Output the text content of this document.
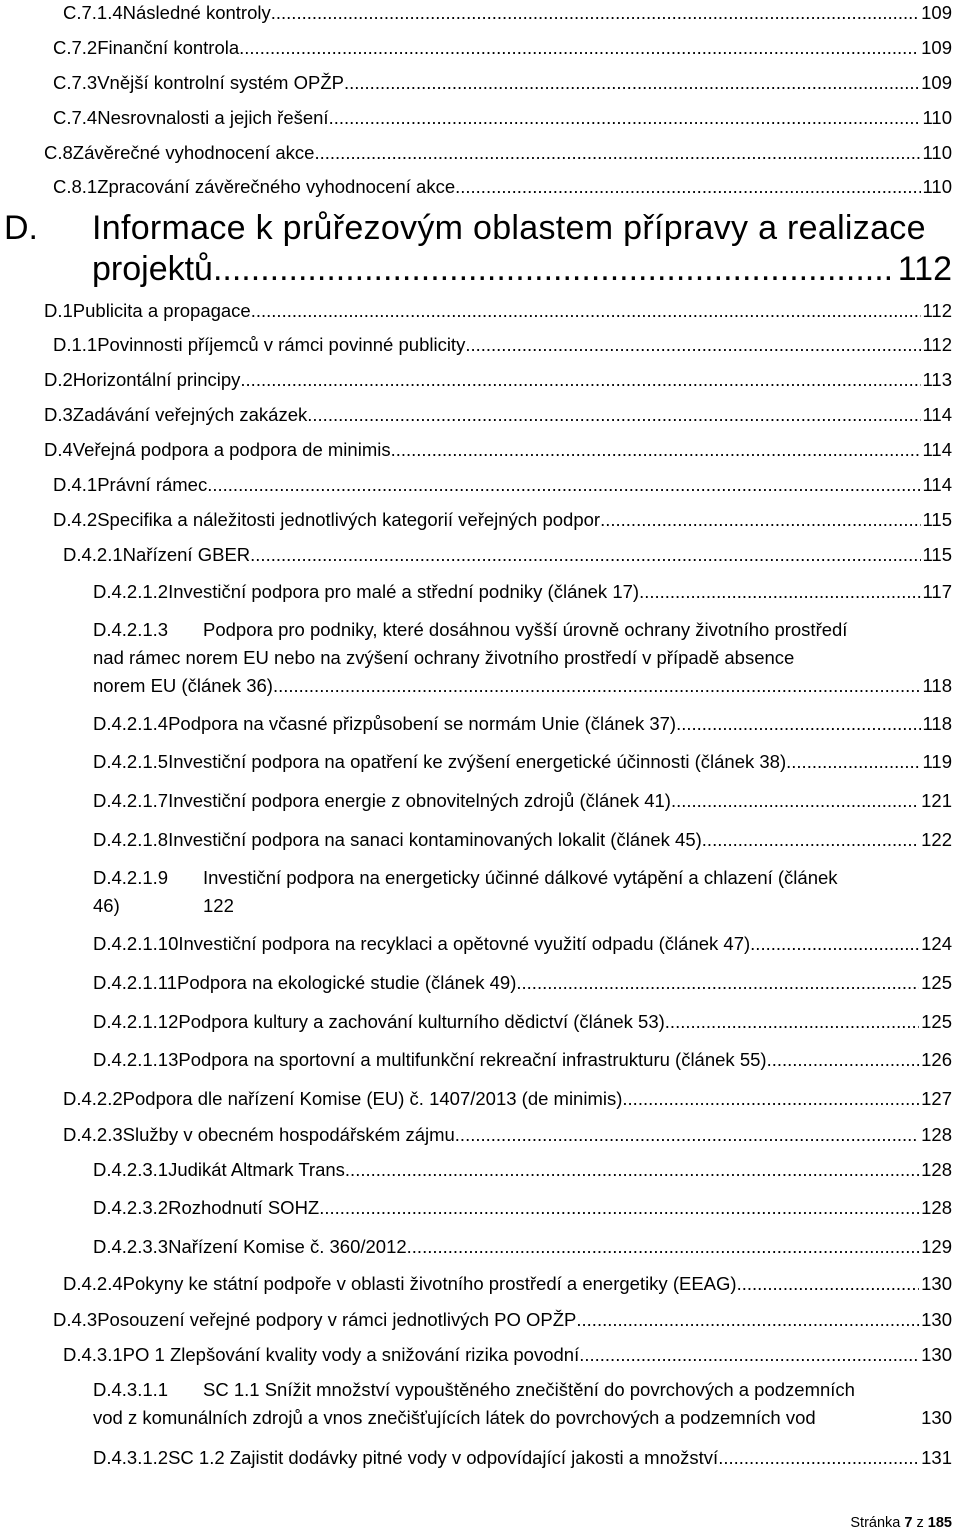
C.7.1.4 Následné kontroly .....	109
C.7.2 Finanční kontrola .....	109
C.7.3 Vnější kontrolní systém OPŽP .....	109
C.7.4 Nesrovnalosti a jejich řešení .....	110
C.8 Závěrečné vyhodnocení akce .....	110
C.8.1 Zpracování závěrečného vyhodnocení akce .....	110
D.	Informace k průřezovým oblastem přípravy a realizace
projektů .....	112
D.1 Publicita a propagace .....	112
D.1.1 Povinnosti příjemců v rámci povinné publicity .....	112
D.2 Horizontální principy .....	113
D.3 Zadávání veřejných zakázek .....	114
D.4 Veřejná podpora a podpora de minimis .....	114
D.4.1 Právní rámec .....	114
D.4.2 Specifika a náležitosti jednotlivých kategorií veřejných podpor .....	115
D.4.2.1 Nařízení GBER .....	115
D.4.2.1.2 Investiční podpora pro malé a střední podniky (článek 17) .....	117
D.4.2.1.3	Podpora pro podniky, které dosáhnou vyšší úrovně ochrany životního prostředí
nad rámec norem EU nebo na zvýšení ochrany životního prostředí v případě absence
norem EU (článek 36) .....	118
D.4.2.1.4 Podpora na včasné přizpůsobení se normám Unie (článek 37) .....	118
D.4.2.1.5 Investiční podpora na opatření ke zvýšení energetické účinnosti (článek 38) .....	119
D.4.2.1.7 Investiční podpora energie z obnovitelných zdrojů (článek 41) .....	121
D.4.2.1.8 Investiční podpora na sanaci kontaminovaných lokalit (článek 45) .....	122
D.4.2.1.9	Investiční podpora na energeticky účinné dálkové vytápění a chlazení (článek
46)	122
D.4.2.1.10 Investiční podpora na recyklaci a opětovné využití odpadu (článek 47) .....	124
D.4.2.1.11 Podpora na ekologické studie (článek 49) .....	125
D.4.2.1.12 Podpora kultury a zachování kulturního dědictví (článek 53) .....	125
D.4.2.1.13 Podpora na sportovní a multifunkční rekreační infrastrukturu (článek 55) .....	126
D.4.2.2 Podpora dle nařízení Komise (EU) č. 1407/2013 (de minimis) .....	127
D.4.2.3 Služby v obecném hospodářském zájmu .....	128
D.4.2.3.1 Judikát Altmark Trans .....	128
D.4.2.3.2 Rozhodnutí SOHZ .....	128
D.4.2.3.3 Nařízení Komise č. 360/2012 .....	129
D.4.2.4 Pokyny ke státní podpoře v oblasti životního prostředí a energetiky (EEAG) .....	130
D.4.3 Posouzení veřejné podpory v rámci jednotlivých PO OPŽP .....	130
D.4.3.1 PO 1 Zlepšování kvality vody a snižování rizika povodní .....	130
D.4.3.1.1	SC 1.1 Snížit množství vypouštěného znečištění do povrchových a podzemních
vod z komunálních zdrojů a vnos znečišťujících látek do povrchových a podzemních vod	130
D.4.3.1.2 SC 1.2 Zajistit dodávky pitné vody v odpovídající jakosti a množství .....	131
Stránka 7 z 185
